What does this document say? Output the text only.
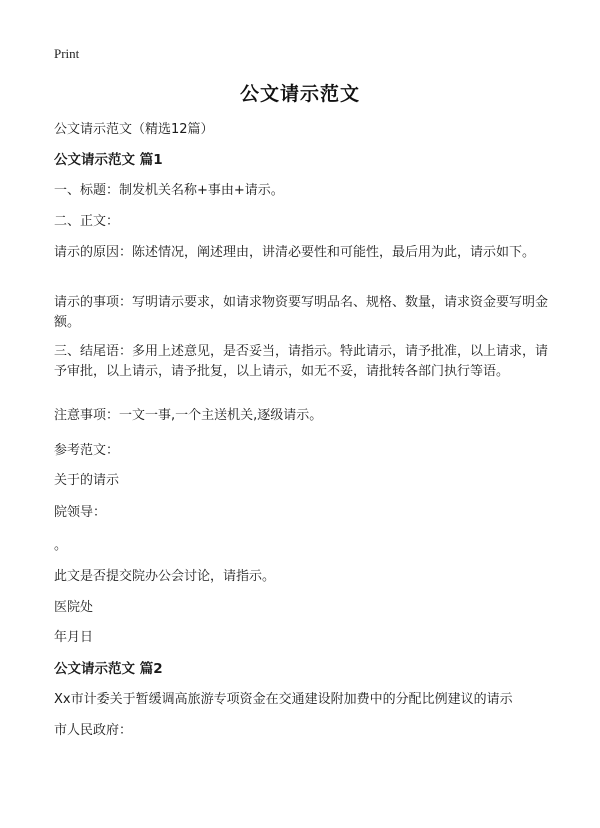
Print
公文请示范文
公文请示范文（精选12篇）
公文请示范文 篇1
一、标题：制发机关名称+事由+请示。
二、正文：
请示的原因：陈述情况，阐述理由，讲清必要性和可能性，最后用为此，请示如下。
请示的事项：写明请示要求，如请求物资要写明品名、规格、数量，请求资金要写明金额。
三、结尾语：多用上述意见，是否妥当，请指示。特此请示，请予批准，以上请求，请予审批，以上请示，请予批复，以上请示，如无不妥，请批转各部门执行等语。
注意事项：一文一事,一个主送机关,逐级请示。
参考范文：
关于的请示
院领导：
。
此文是否提交院办公会讨论，请指示。
医院处
年月日
公文请示范文 篇2
Xx市计委关于暂缓调高旅游专项资金在交通建设附加费中的分配比例建议的请示
市人民政府：
